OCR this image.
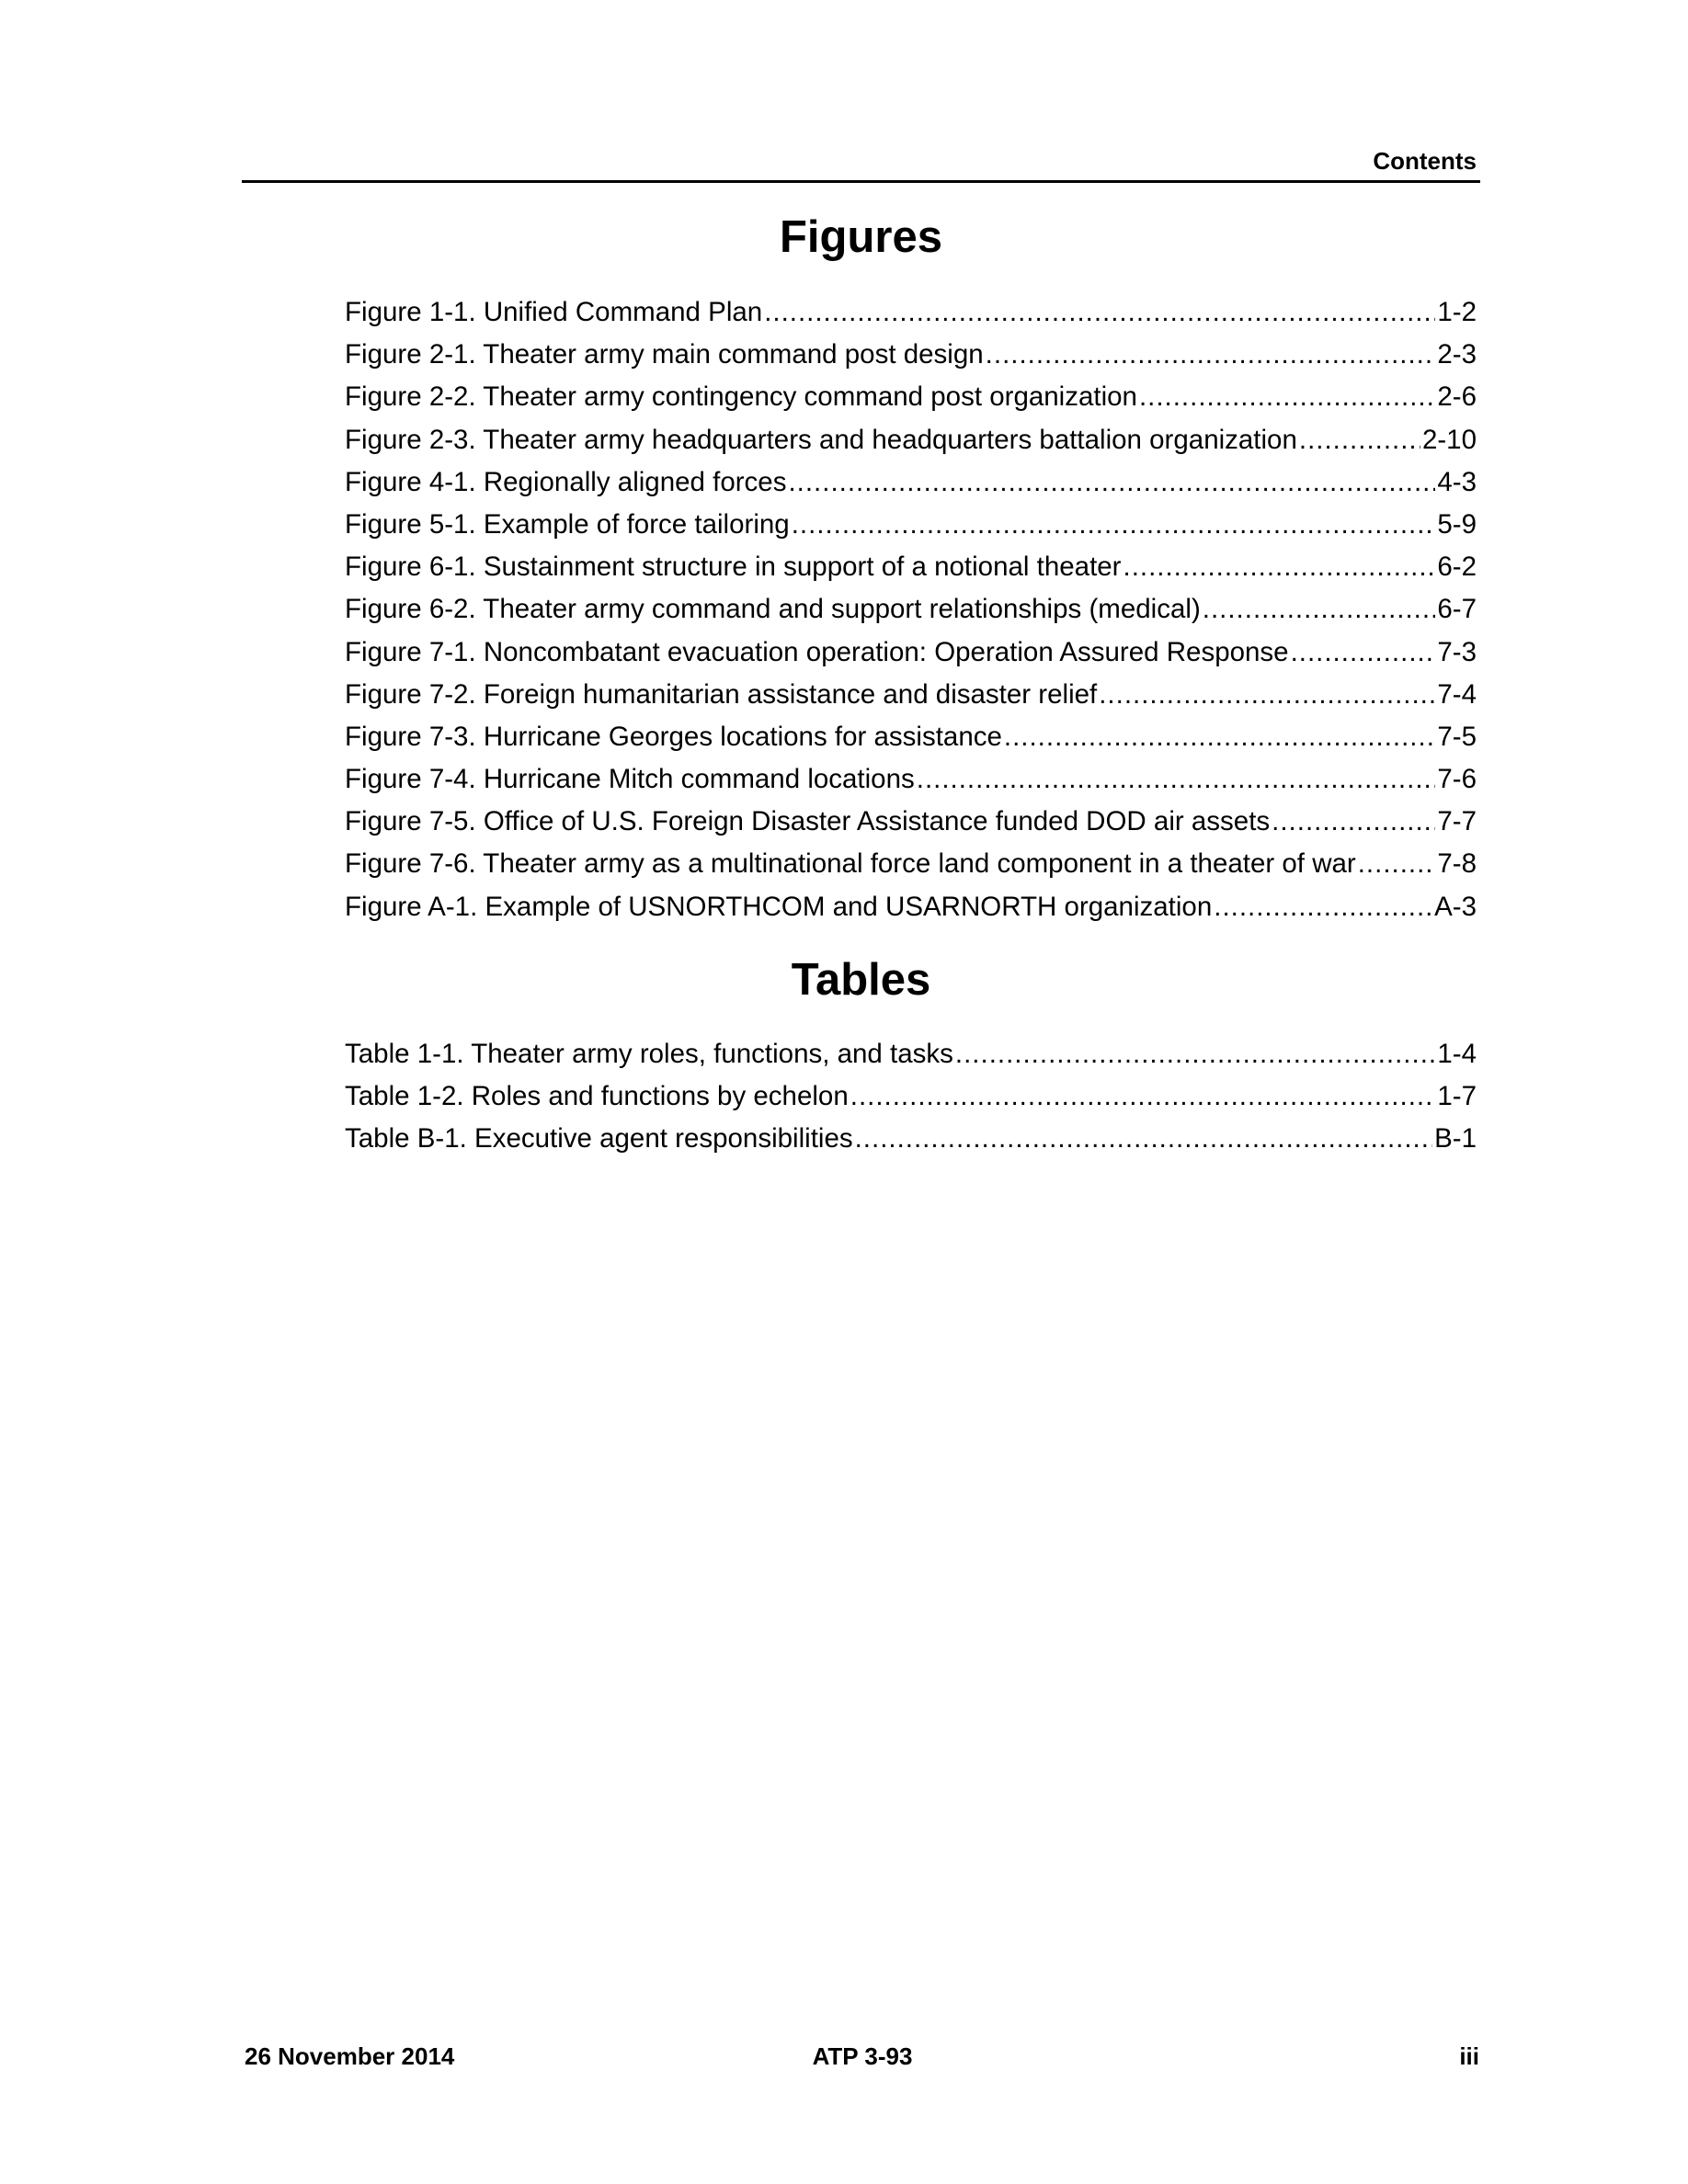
Contents
Figures
Figure 1-1. Unified Command Plan .....	1-2
Figure 2-1. Theater army main command post design .....	2-3
Figure 2-2. Theater army contingency command post organization .....	2-6
Figure 2-3. Theater army headquarters and headquarters battalion organization .....	2-10
Figure 4-1. Regionally aligned forces .....	4-3
Figure 5-1. Example of force tailoring .....	5-9
Figure 6-1. Sustainment structure in support of a notional theater .....	6-2
Figure 6-2. Theater army command and support relationships (medical) .....	6-7
Figure 7-1. Noncombatant evacuation operation: Operation Assured Response .....	7-3
Figure 7-2. Foreign humanitarian assistance and disaster relief .....	7-4
Figure 7-3. Hurricane Georges locations for assistance .....	7-5
Figure 7-4. Hurricane Mitch command locations .....	7-6
Figure 7-5. Office of U.S. Foreign Disaster Assistance funded DOD air assets .....	7-7
Figure 7-6. Theater army as a multinational force land component in a theater of war .....	7-8
Figure A-1. Example of USNORTHCOM and USARNORTH organization .....	A-3
Tables
Table 1-1. Theater army roles, functions, and tasks .....	1-4
Table 1-2. Roles and functions by echelon .....	1-7
Table B-1. Executive agent responsibilities .....	B-1
26 November 2014	ATP 3-93	iii
